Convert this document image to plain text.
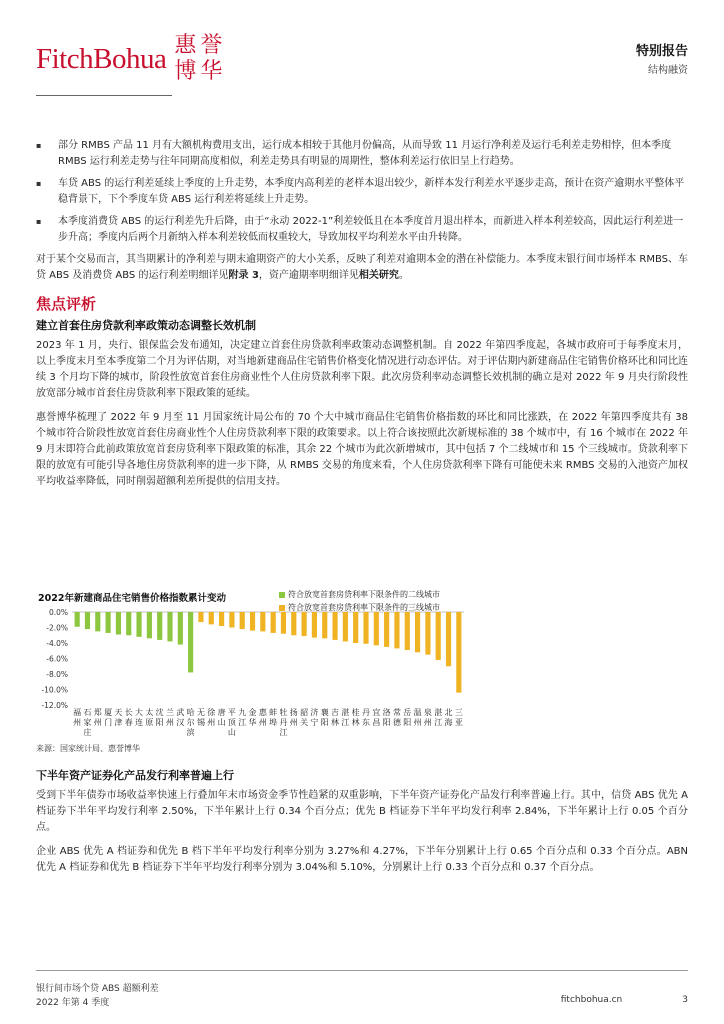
FitchBohua 惠 誉
博 华
特别报告
结构融资
▪ 部分 RMBS 产品 11 月有大额机构费用支出，运行成本相较于其他月份偏高，从而导致 11 月运行净利差及运行毛利差走势相悖，但本季度 RMBS 运行利差走势与往年同期高度相似，利差走势具有明显的周期性，整体利差运行依旧呈上行趋势。
▪ 车贷 ABS 的运行利差延续上季度的上升走势，本季度内高利差的老样本退出较少，新样本发行利差水平逐步走高，预计在资产逾期水平整体平稳背景下，下个季度车贷 ABS 运行利差将延续上升走势。
▪ 本季度消费贷 ABS 的运行利差先升后降，由于“永动 2022-1”利差较低且在本季度首月退出样本，而新进入样本利差较高，因此运行利差进一步升高；季度内后两个月新纳入样本利差较低而权重较大，导致加权平均利差水平由升转降。

对于某个交易而言，其当期累计的净利差与期末逾期资产的大小关系，反映了利差对逾期本金的潜在补偿能力。本季度末银行间市场样本 RMBS、车贷 ABS 及消费贷 ABS 的运行利差明细详见附录 3，资产逾期率明细详见相关研究。

焦点评析
建立首套住房贷款利率政策动态调整长效机制

2023 年 1 月，央行、银保监会发布通知，决定建立首套住房贷款利率政策动态调整机制。自 2022 年第四季度起，各城市政府可于每季度末月，以上季度末月至本季度第二个月为评估期，对当地新建商品住宅销售价格变化情况进行动态评估。对于评估期内新建商品住宅销售价格环比和同比连续 3 个月均下降的城市，阶段性放宽首套住房商业性个人住房贷款利率下限。此次房贷利率动态调整长效机制的确立是对 2022 年 9 月央行阶段性放宽部分城市首套住房贷款利率下限政策的延续。

惠誉博华梳理了 2022 年 9 月至 11 月国家统计局公布的 70 个大中城市商品住宅销售价格指数的环比和同比涨跌，在 2022 年第四季度共有 38 个城市符合阶段性放宽首套住房商业性个人住房贷款利率下限的政策要求。以上符合该按照此次新规标准的 38 个城市中，有 16 个城市在 2022 年 9 月末即符合此前政策放宽首套房贷利率下限政策的标准，其余 22 个城市为此次新增城市，其中包括 7 个二线城市和 15 个三线城市。贷款利率下限的放宽有可能引导各地住房贷款利率的进一步下降，从 RMBS 交易的角度来看，个人住房贷款利率下降有可能使未来 RMBS 交易的入池资产加权平均收益率降低，同时削弱超额利差所提供的信用支持。

2022年新建商品住宅销售价格指数累计变动	符合放宽首套房贷利率下限条件的二线城市
符合放宽首套房贷利率下限条件的三线城市
0.0%
-2.0%
-4.0%
-6.0%
-8.0%
-10.0%
-12.0%
福
州
石
家
庄
郑
州
厦
门
天
津
长
春
大
连
太
原
沈
阳
兰
州
武
汉
哈
尔
滨
无
锡
徐
州
唐
山
平
顶
山
九
江
金
华
惠
州
蚌
埠
牡
丹
江
扬
州
韶
关
济
宁
襄
阳
吉
林
湛
江
桂
林
丹
东
宜
昌
洛
阳
常
德
岳
阳
温
州
泉
州
湛
江
北
海
三
亚
来源：国家统计局、惠誉博华
下半年资产证券化产品发行利率普遍上行

受到下半年债券市场收益率快速上行叠加年末市场资金季节性趋紧的双重影响，下半年资产证券化产品发行利率普遍上行。其中，信贷 ABS 优先 A 档证券下半年平均发行利率 2.50%，下半年累计上行 0.34 个百分点；优先 B 档证券下半年平均发行利率 2.84%，下半年累计上行 0.05 个百分点。

企业 ABS 优先 A 档证券和优先 B 档下半年平均发行利率分别为 3.27%和 4.27%，下半年分别累计上行 0.65 个百分点和 0.33 个百分点。ABN 优先 A 档证券和优先 B 档证券下半年平均发行利率分别为 3.04%和 5.10%，分别累计上行 0.33 个百分点和 0.37 个百分点。

银行间市场个贷 ABS 超额利差
2022 年第 4 季度	fitchbohua.cn	3
